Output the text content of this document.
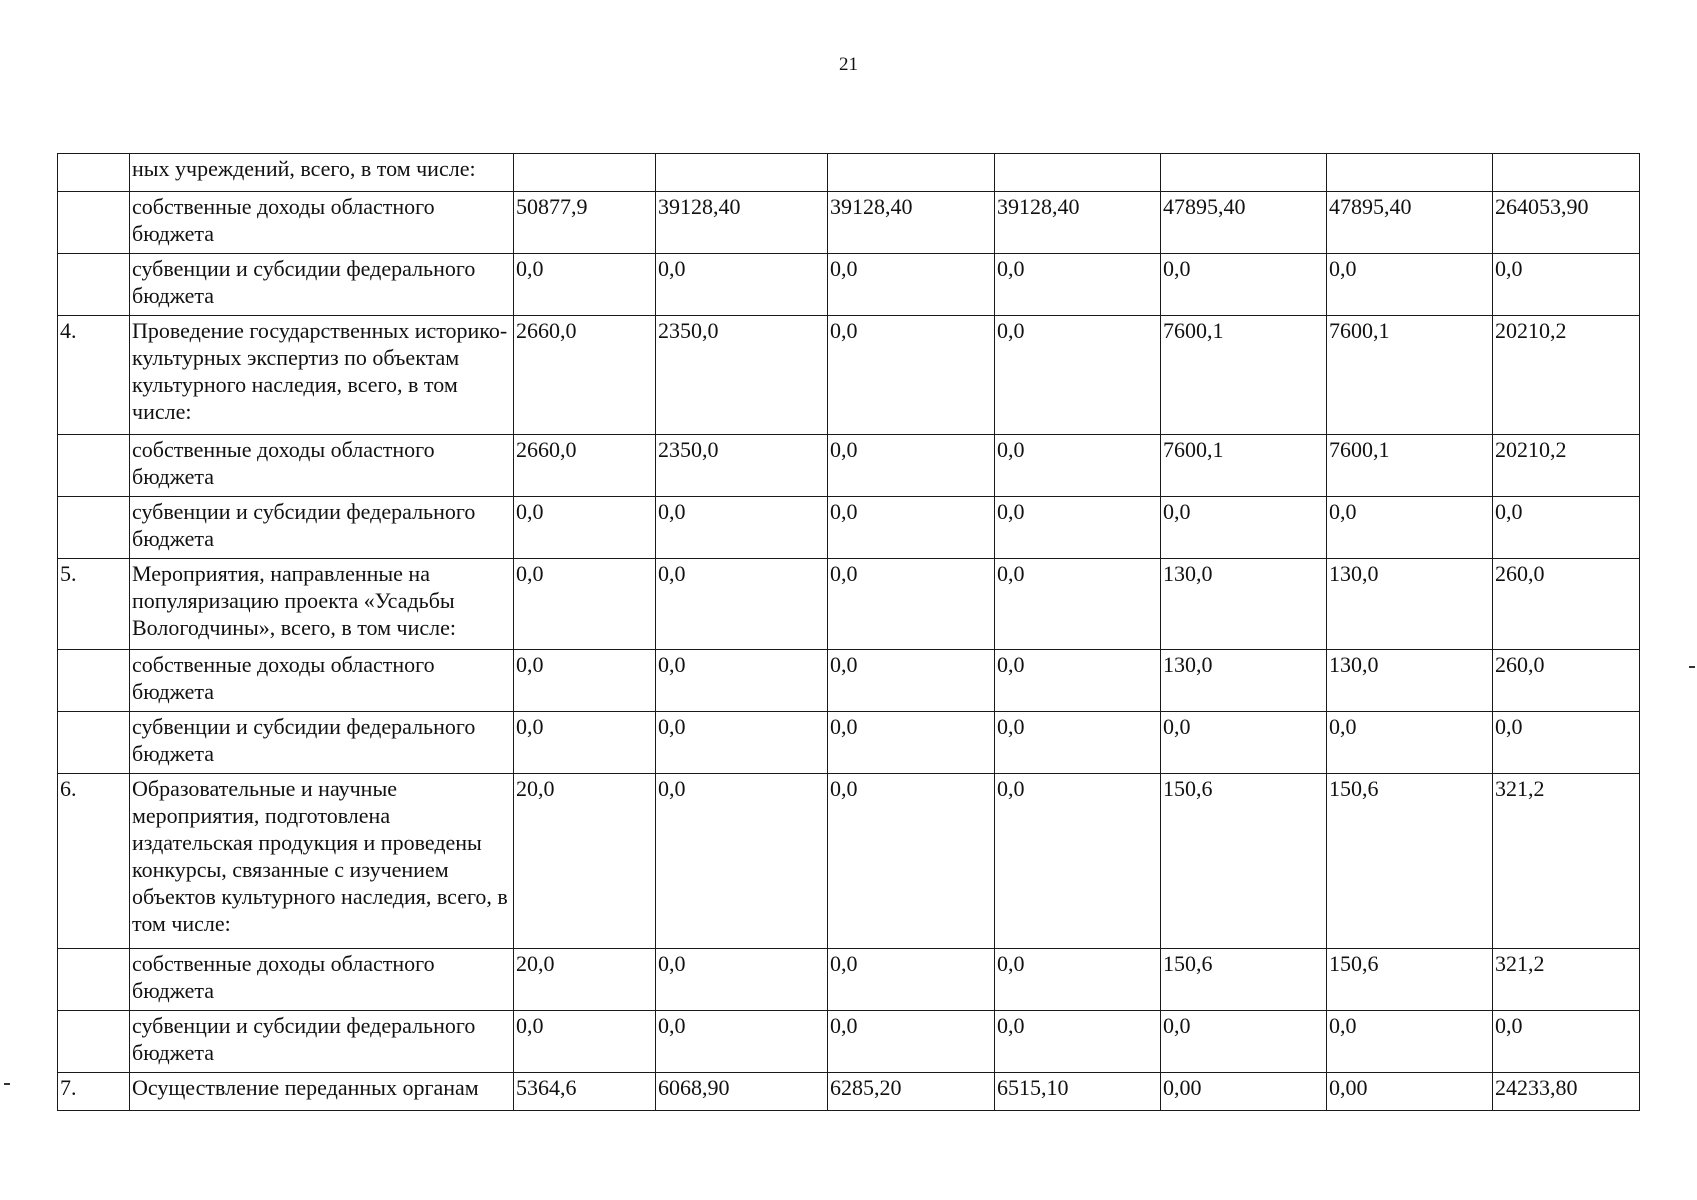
21
	ных учреждений, всего, в том числе:							
	собственные доходы областного бюджета	50877,9	39128,40	39128,40	39128,40	47895,40	47895,40	264053,90
	субвенции и субсидии федерального бюджета	0,0	0,0	0,0	0,0	0,0	0,0	0,0
4.	Проведение государственных историко-культурных экспертиз по объектам культурного наследия, всего, в том числе:	2660,0	2350,0	0,0	0,0	7600,1	7600,1	20210,2
	собственные доходы областного бюджета	2660,0	2350,0	0,0	0,0	7600,1	7600,1	20210,2
	субвенции и субсидии федерального бюджета	0,0	0,0	0,0	0,0	0,0	0,0	0,0
5.	Мероприятия, направленные на популяризацию проекта «Усадьбы Вологодчины», всего, в том числе:	0,0	0,0	0,0	0,0	130,0	130,0	260,0
	собственные доходы областного бюджета	0,0	0,0	0,0	0,0	130,0	130,0	260,0
	субвенции и субсидии федерального бюджета	0,0	0,0	0,0	0,0	0,0	0,0	0,0
6.	Образовательные и научные мероприятия, подготовлена издательская продукция и проведены конкурсы, связанные с изучением объектов культурного наследия, всего, в том числе:	20,0	0,0	0,0	0,0	150,6	150,6	321,2
	собственные доходы областного бюджета	20,0	0,0	0,0	0,0	150,6	150,6	321,2
	субвенции и субсидии федерального бюджета	0,0	0,0	0,0	0,0	0,0	0,0	0,0
7.	Осуществление переданных органам	5364,6	6068,90	6285,20	6515,10	0,00	0,00	24233,80
